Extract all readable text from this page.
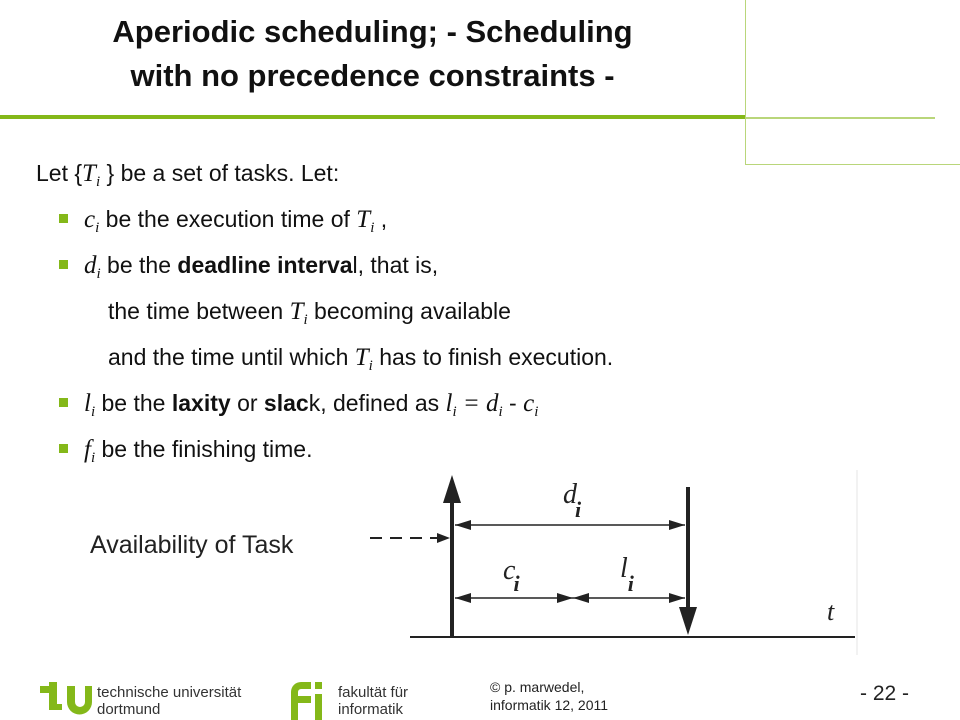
Aperiodic scheduling; - Scheduling
with no precedence constraints -

Let {$T_i$ } be a set of tasks. Let:

$c_i$ be the execution time of $T_i$ ,
$d_i$ be the deadline interval, that is,
the time between $T_i$ becoming available
and the time until which $T_i$ has to finish execution.
$l_i$ be the laxity or slack, defined as $l_i = d_i - c_i$
$f_i$ be the finishing time.
Availability of Task
di
ci	$l_i$
t
technische universität
dortmund
fakultät für
informatik
© p. marwedel,
informatik 12, 2011	- 22 -
